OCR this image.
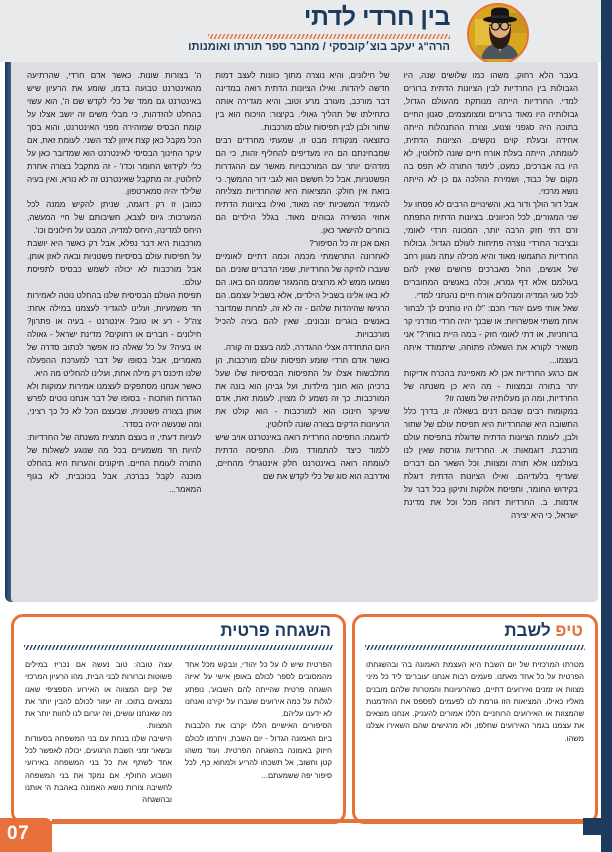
בין חרדי לדתי
הרה"ג יעקב בוצ׳קובסקי / מחבר ספר תורתו ואומנותו

בעבר הלא רחוק, משהו כמו שלושים שנה, היו הגבולות בין החרדיות לבין הציונות הדתית ברורים למדי. החרדיות הייתה מנותקת מהעולם הגדול, גבולותיה היו מאוד ברורים ומצומצמים, סגנון החיים בתוכה היה סגפני וצנוע, וצורת ההתנהלות הייתה אחידה ובעלת קוים נוקשים. הציונות הדתית, לעומתה, הייתה בעלת אורח חיים שונה לחלוטין. לא היו בה אברכים, כמעט, לימוד התורה לא תפס בה מקום של כבוד, ושמירת ההלכה גם כן לא הייתה נושא מרכזי.

אבל דור הולך ודור בא, והשינויים הרבים לא פסחו על שני המגזרים, לכל הכיוונים. בציונות הדתית התפתח זרם דתי חזק הרבה יותר, המכונה חרדי לאומי, ובציבור החרדי נוצרה פתיחות לעולם הגדול. גבולות החרדיות התגמשו מאוד והיא מכילה עתה מגוון רחב של אנשים, החל מאברכים פרושים שאין להם בעולמם אלא דף גמרא, וכלה באנשים המחוברים לכל סוגי המדיה ומנהלים אורח חיים נהנתני למדי.

שאל אותי פעם יהודי חכם: "לו היו נותנים לך לבחור אחת משתי אפשרויות: או שבנך יהיה חרדי מודרני קר ברוחניות, או דתי לאומי חזק - במה היית בוחר?" אני משאיר לקורא את השאלה פתוחה, שיתמודד איתה בעצמו...

אם כרגע החרדיות אכן לא מאפיינת בהכרח אדיקות יתר בתורה ובמצוות - מה היא כן משנתה של החרדיות, ומה הן מעלותיה של משנה זו?

במקומות רבים שבהם דנים בשאלה זו, בדרך כלל התשובה היא שהחרדיות היא תפיסת עולם של שחור ולבן, לעומת הציונות הדתית שדוגלת בתפיסת עולם מורכבת. דוגמאות: א. החרדיות גורסת שאין לנו בעולמנו אלא תורה ומצוות, וכל השאר הם דברים שעדיף בלעדיהם. ואילו הציונות הדתית דוגלת בקידוש החומר, ותפיסת אלוקות ותיקון בכל דבר על אדמות. ב. החרדיות דוחה מכל וכל את מדינת ישראל, כי היא יצירה

של חילונים, והיא נוצרה מתוך כוונות לעצב דמות חדשה ליהדות. ואילו הציונות הדתית רואה במדינה דבר מורכב, מעורב מרע וטוב, והיא מגדירה אותה כתחילתו של תהליך גאולי. בקיצור: הויכוח הוא בין שחור ולבן לבין תפיסות עולם מורכבות.

כתוצאה מנקודת מבט זו, שמעתי מחרדים רבים שמבחינתם הם היו מעדיפים להחליף זהות, כי הם מזדהים יותר עם המורכבויות מאשר עם ההגדרות הפשטניות, אבל כל חששם הוא לגבי דור ההמשך. כי בזאת אין חולק: המציאות היא שהחרדיות מצליחה להעמיד המשכיות יפה מאוד, ואילו בציונות הדתית אחוזי הנשירה גבוהים מאוד. בגלל הילדים הם בוחרים להישאר כאן.

האם אכן זה כל הסיפור?

לאחרונה התרשמתי מכמה וכמה דתיים לאומיים שעברו לחיקה של החרדיות, שפני הדברים שונים. הם נשמעו ממש לא מרוצים מהמגזר שממנו הם באו. הם לא באו אלינו בשביל הילדים, אלא בשביל עצמם. הם הרגישו שהיהדות שלהם - זה לא זה, למרות שמדובר באנשים בוגרים ונבונים, שאין להם בעיה להכיל מורכבויות.

היום התחדדה אצלי ההגדרה, למה בעצם זה קורה.

כאשר אדם חרדי שומע תפיסות עולם מורכבות, הן מתלבשות אצלו על התפיסות הבסיסיות שלו שעל ברכיהן הוא חונך מילדות, ועל גביהן הוא בונה את המורכבות. כך זה נשמע לו מצוין. לעומת זאת, אדם שעיקר חינוכו הוא למורכבות - הוא קולט את הרעיונות הדקים בצורה שונה לחלוטין.

לדוגמה: התפיסה החרדית רואה באינטרנט אויב שיש ללמוד כיצד להתמודד מולו. התפיסה הדתית לעומתה רואה באינטרנט חלק אינטגרלי מהחיים, ואדרבה הוא סוג של כלי לקדש את שם

ה' בצורות שונות. כאשר אדם חרדי, שהרתיעה מהאינטרנט טבועה בדמו, שומע את הרעיון שיש באינטרנט גם ממד של כלי לקדש שם ה', הוא עשוי בהחלט להזדהות, כי מבלי משים זה יושב אצלו על קומת הבסיס שמזהירה מפני האינטרנט, והוא בסך הכל מקבל כאן קצת איזון לצד השני. לעומת זאת, אם עיקר החינוך הבסיסי לאינטרנט הוא שמדובר כאן על כלי לקידוש החומר וכדו' - זה מתקבל בצורה אחרת לחלוטין. זה מתקבל שאינטרנט זה לא נורא, ואין בעיה שלילד יהיה סמארטפון.

כמובן זו רק דוגמה, שניתן להקיש ממנה לכל המערכות: גיוס לצבא, חשיבותם של חיי המעשה, היחס למדינה, היחס למדיה, המבט על חילונים וכו'.

מורכבות היא דבר נפלא, אבל רק כאשר היא יושבת על תפיסות עולם בסיסיות פשטניות ובאה לאזן אותן. אבל מורכבות לא יכולה לשמש כבסיס לתפיסת עולם.

תפיסת העולם הבסיסית שלנו בהחלט נוטה לאמירות חד משמעיות, ועלינו להגדיר לעצמנו במילה אחת: צה"ל - רע או טוב? אינטרנט - בעיה או פתרון? חילונים - חברים או רחוקים? מדינת ישראל - גאולה או בעיה? על כל שאלה כזו אפשר לכתוב סדרה של מאמרים, אבל בסופו של דבר למערכת ההפעלה שלנו תיכנס רק מילה אחת, ועלינו להחליט מה היא.

כאשר אנחנו מסתפקים לעצמנו אמירות עמוקות ולא הגדרות חותכות - בסופו של דבר אנחנו נוטים לפרש אותן בצורה פשטנית, שבעצם הכל לא כל כך רציני, ומה שנעשה יהיה בסדר.

לעניות דעתי, זו בעצם תמצית משנתה של החרדיות: להיות חד משמעיים בכל מה שנוגע לשאלות של התורה לעומת החיים. תיקונים והערות היא בהחלט מוכנה לקבל בברכה, אבל בכוכבית, לא בגוף המאמר...

טיפ לשבת

מטרתו המרכזית של יום השבת היא העצמת האמונה בה' ובהשגחתו הפרטית על כל אחד מאתנו. פעמים רבות אנחנו 'עוברים' ליד כל מיני מצוות או זמנים ואירועים דתיים, כשהרעיונות והמטרות שלהם מובנים מאליו כאילו. המציאות הזו גורמת לנו לפעמים לפספס את ההזדמנות שהמצוות או האירועים הרוחניים הללו אמורים להעניק. אנחנו מוצאים את עצמנו בגמר האירועים שחלפו, ולא מרגישים שהם השאירו אצלנו משהו.

השגחה פרטית

הפרטית שיש לו על כל יהודי, ונבקש מכל אחד מהמסובים לספר לכולם באופן אישי על 'איזה השגחה פרטית שהייתה להם השבוע', נופתע לגלות על כמה אירועים שעברו על יקירנו ואנחנו לא ידענו עליהם.

הסיפורים האישיים הללו יקרבו את הלבבות ביום האמונה הגדול - יום השבת, ויתרמו לכולם חיזוק באמונה בהשגחה הפרטית. ועוד משהו קטן וחשוב, אל תשכחו להריע ולמחוא כף, לכל סיפור יפה ששמעתם...

עצה טובה: טוב נעשה אם נכריז במילים פשוטות וברורות לבני הבית, מהו הרעיון המרכזי של קיום המצווה או האירוע הספציפי שאנו נמצאים בתוכו. זה יעזור לכולם להבין יותר את מה שאנחנו עושים, וזה יגרום לנו לחוות יותר את המצוות.

הישיבה שלנו בנחת עם בני המשפחה בסעודות ובשאר זמני השבת הרגועים, יכולה לאפשר לכל אחד לשתף את כל בני המשפחה באירועי השבוע החולף. אם נמקד את בני המשפחה לחשיבה צורות נושא האמונה באהבת ה' אותנו ובהשגחה

07
